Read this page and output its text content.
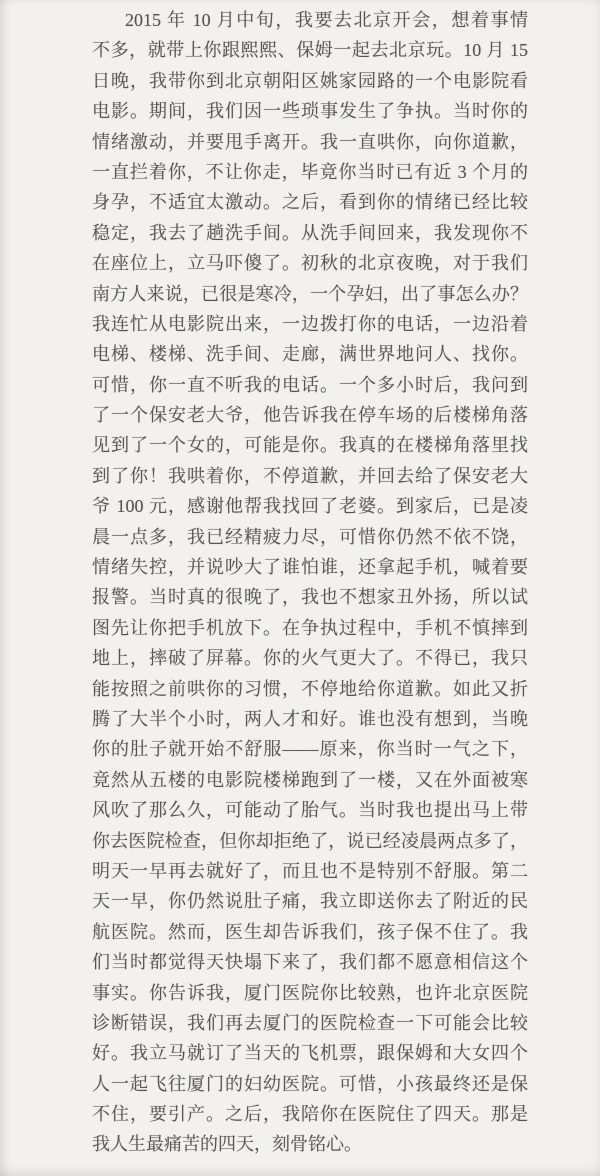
2015 年 10 月中旬，我要去北京开会，想着事情
不多，就带上你跟熙熙、保姆一起去北京玩。10 月 15
日晚，我带你到北京朝阳区姚家园路的一个电影院看
电影。期间，我们因一些琐事发生了争执。当时你的
情绪激动，并要甩手离开。我一直哄你，向你道歉，
一直拦着你，不让你走，毕竟你当时已有近 3 个月的
身孕，不适宜太激动。之后，看到你的情绪已经比较
稳定，我去了趟洗手间。从洗手间回来，我发现你不
在座位上，立马吓傻了。初秋的北京夜晚，对于我们
南方人来说，已很是寒冷，一个孕妇，出了事怎么办？
我连忙从电影院出来，一边拨打你的电话，一边沿着
电梯、楼梯、洗手间、走廊，满世界地问人、找你。
可惜，你一直不听我的电话。一个多小时后，我问到
了一个保安老大爷，他告诉我在停车场的后楼梯角落
见到了一个女的，可能是你。我真的在楼梯角落里找
到了你！我哄着你，不停道歉，并回去给了保安老大
爷 100 元，感谢他帮我找回了老婆。到家后，已是凌
晨一点多，我已经精疲力尽，可惜你仍然不依不饶，
情绪失控，并说吵大了谁怕谁，还拿起手机，喊着要
报警。当时真的很晚了，我也不想家丑外扬，所以试
图先让你把手机放下。在争执过程中，手机不慎摔到
地上，摔破了屏幕。你的火气更大了。不得已，我只
能按照之前哄你的习惯，不停地给你道歉。如此又折
腾了大半个小时，两人才和好。谁也没有想到，当晚
你的肚子就开始不舒服——原来，你当时一气之下，
竟然从五楼的电影院楼梯跑到了一楼，又在外面被寒
风吹了那么久，可能动了胎气。当时我也提出马上带
你去医院检查，但你却拒绝了，说已经凌晨两点多了，
明天一早再去就好了，而且也不是特别不舒服。第二
天一早，你仍然说肚子痛，我立即送你去了附近的民
航医院。然而，医生却告诉我们，孩子保不住了。我
们当时都觉得天快塌下来了，我们都不愿意相信这个
事实。你告诉我，厦门医院你比较熟，也许北京医院
诊断错误，我们再去厦门的医院检查一下可能会比较
好。我立马就订了当天的飞机票，跟保姆和大女四个
人一起飞往厦门的妇幼医院。可惜，小孩最终还是保
不住，要引产。之后，我陪你在医院住了四天。那是
我人生最痛苦的四天，刻骨铭心。
